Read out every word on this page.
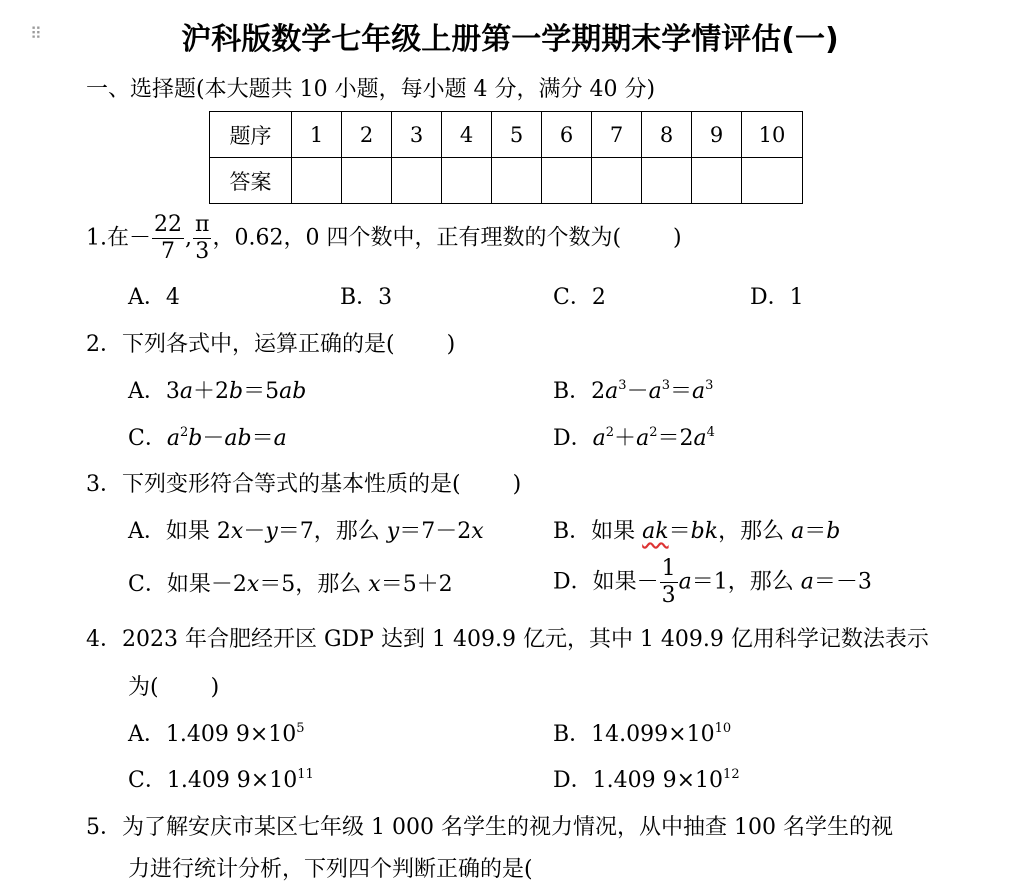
⠿	沪科版数学七年级上册第一学期期末学情评估(一)
一、选择题(本大题共 10 小题，每小题 4 分，满分 40 分)
题序	1	2	3	4	5	6	7	8	9	10
答案										
1.在－ $\frac{22}{7}$ , $\frac{\pi}{3}$ ，0.62，0 四个数中，正有理数的个数为( )
A．4	B．3	C．2	D．1
2．下列各式中，运算正确的是( )
A．3a＋2b＝5ab	B．$2a^3-a^3=a^3$
C．$a^2b-ab=a$	D．$a^2+a^2=2a^4$
3．下列变形符合等式的基本性质的是( )
A．如果 2x－y＝7，那么 y＝7－2x	B．如果 ak＝bk，那么 a＝b
C．如果－2x＝5，那么 x＝5＋2	D．如果－ $\frac{1}{3} a=1$，那么 a＝－3
4．2023 年合肥经开区 GDP 达到 1 409.9 亿元，其中 1 409.9 亿用科学记数法表示
为( )
A．1.409 $9\times 10^5$	B．$14.099\times 10^{10}$
C．1.409 $9\times 10^{11}$	D．1.409 $9\times 10^{12}$
5．为了解安庆市某区七年级 1 000 名学生的视力情况，从中抽查 100 名学生的视
力进行统计分析，下列四个判断正确的是(
